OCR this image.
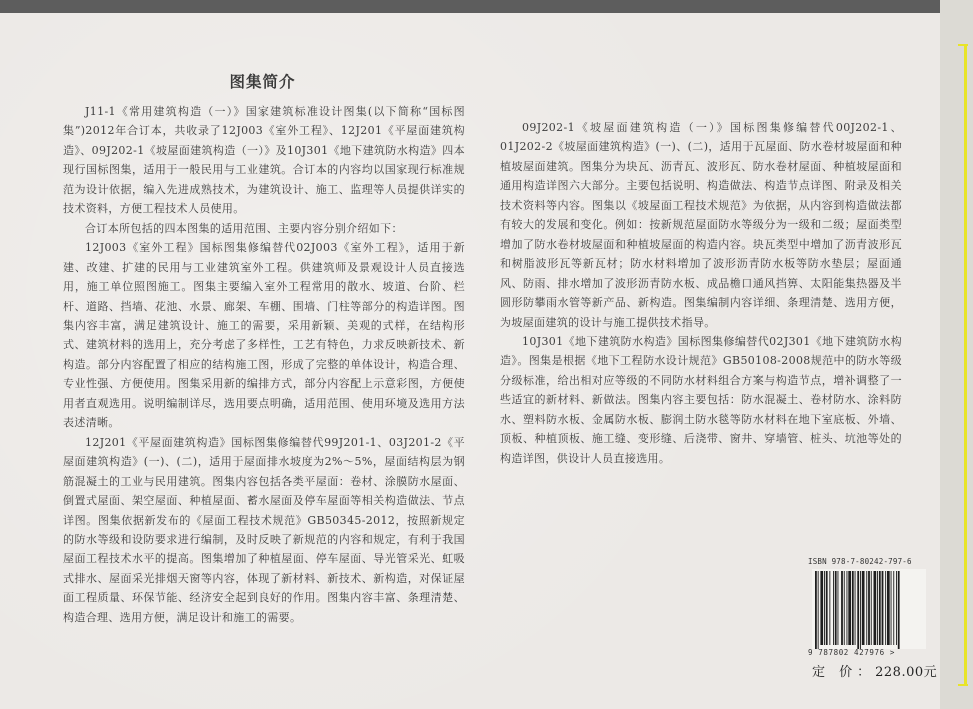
图集简介

J11-1《常用建筑构造（一）》国家建筑标准设计图集(以下简称“国标图集”)2012年合订本，共收录了12J003《室外工程》、12J201《平屋面建筑构造》、09J202-1《坡屋面建筑构造（一）》及10J301《地下建筑防水构造》四本现行国标图集，适用于一般民用与工业建筑。合订本的内容均以国家现行标准规范为设计依据，编入先进成熟技术，为建筑设计、施工、监理等人员提供详实的技术资料，方便工程技术人员使用。

合订本所包括的四本图集的适用范围、主要内容分别介绍如下：

12J003《室外工程》国标图集修编替代02J003《室外工程》，适用于新建、改建、扩建的民用与工业建筑室外工程。供建筑师及景观设计人员直接选用，施工单位照图施工。图集主要编入室外工程常用的散水、坡道、台阶、栏杆、道路、挡墙、花池、水景、廊架、车棚、围墙、门柱等部分的构造详图。图集内容丰富，满足建筑设计、施工的需要，采用新颖、美观的式样，在结构形式、建筑材料的选用上，充分考虑了多样性，工艺有特色，力求反映新技术、新构造。部分内容配置了相应的结构施工图，形成了完整的单体设计，构造合理、专业性强、方便使用。图集采用新的编排方式，部分内容配上示意彩图，方便使用者直观选用。说明编制详尽，选用要点明确，适用范围、使用环境及选用方法表述清晰。

12J201《平屋面建筑构造》国标图集修编替代99J201-1、03J201-2《平屋面建筑构造》(一)、(二)，适用于屋面排水坡度为2%～5%，屋面结构层为钢筋混凝土的工业与民用建筑。图集内容包括各类平屋面：卷材、涂膜防水屋面、倒置式屋面、架空屋面、种植屋面、蓄水屋面及停车屋面等相关构造做法、节点详图。图集依据新发布的《屋面工程技术规范》GB50345-2012，按照新规定的防水等级和设防要求进行编制，及时反映了新规范的内容和规定，有利于我国屋面工程技术水平的提高。图集增加了种植屋面、停车屋面、导光管采光、虹吸式排水、屋面采光排烟天窗等内容，体现了新材料、新技术、新构造，对保证屋面工程质量、环保节能、经济安全起到良好的作用。图集内容丰富、条理清楚、构造合理、选用方便，满足设计和施工的需要。

09J202-1《坡屋面建筑构造（一）》国标图集修编替代00J202-1、01J202-2《坡屋面建筑构造》(一)、(二)，适用于瓦屋面、防水卷材坡屋面和种植坡屋面建筑。图集分为块瓦、沥青瓦、波形瓦、防水卷材屋面、种植坡屋面和通用构造详图六大部分。主要包括说明、构造做法、构造节点详图、附录及相关技术资料等内容。图集以《坡屋面工程技术规范》为依据，从内容到构造做法都有较大的发展和变化。例如：按新规范屋面防水等级分为一级和二级；屋面类型增加了防水卷材坡屋面和种植坡屋面的构造内容。块瓦类型中增加了沥青波形瓦和树脂波形瓦等新瓦材；防水材料增加了波形沥青防水板等防水垫层；屋面通风、防雨、排水增加了波形沥青防水板、成品檐口通风挡箅、太阳能集热器及半圆形防攀雨水管等新产品、新构造。图集编制内容详细、条理清楚、选用方便，为坡屋面建筑的设计与施工提供技术指导。

10J301《地下建筑防水构造》国标图集修编替代02J301《地下建筑防水构造》。图集是根据《地下工程防水设计规范》GB50108-2008规范中的防水等级分级标准，给出相对应等级的不同防水材料组合方案与构造节点，增补调整了一些适宜的新材料、新做法。图集内容主要包括：防水混凝土、卷材防水、涂料防水、塑料防水板、金属防水板、膨润土防水毯等防水材料在地下室底板、外墙、顶板、种植顶板、施工缝、变形缝、后浇带、窗井、穿墙管、桩头、坑池等处的构造详图，供设计人员直接选用。

ISBN 978-7-80242-797-6
9 787802 427976 >
定 价：228.00元
